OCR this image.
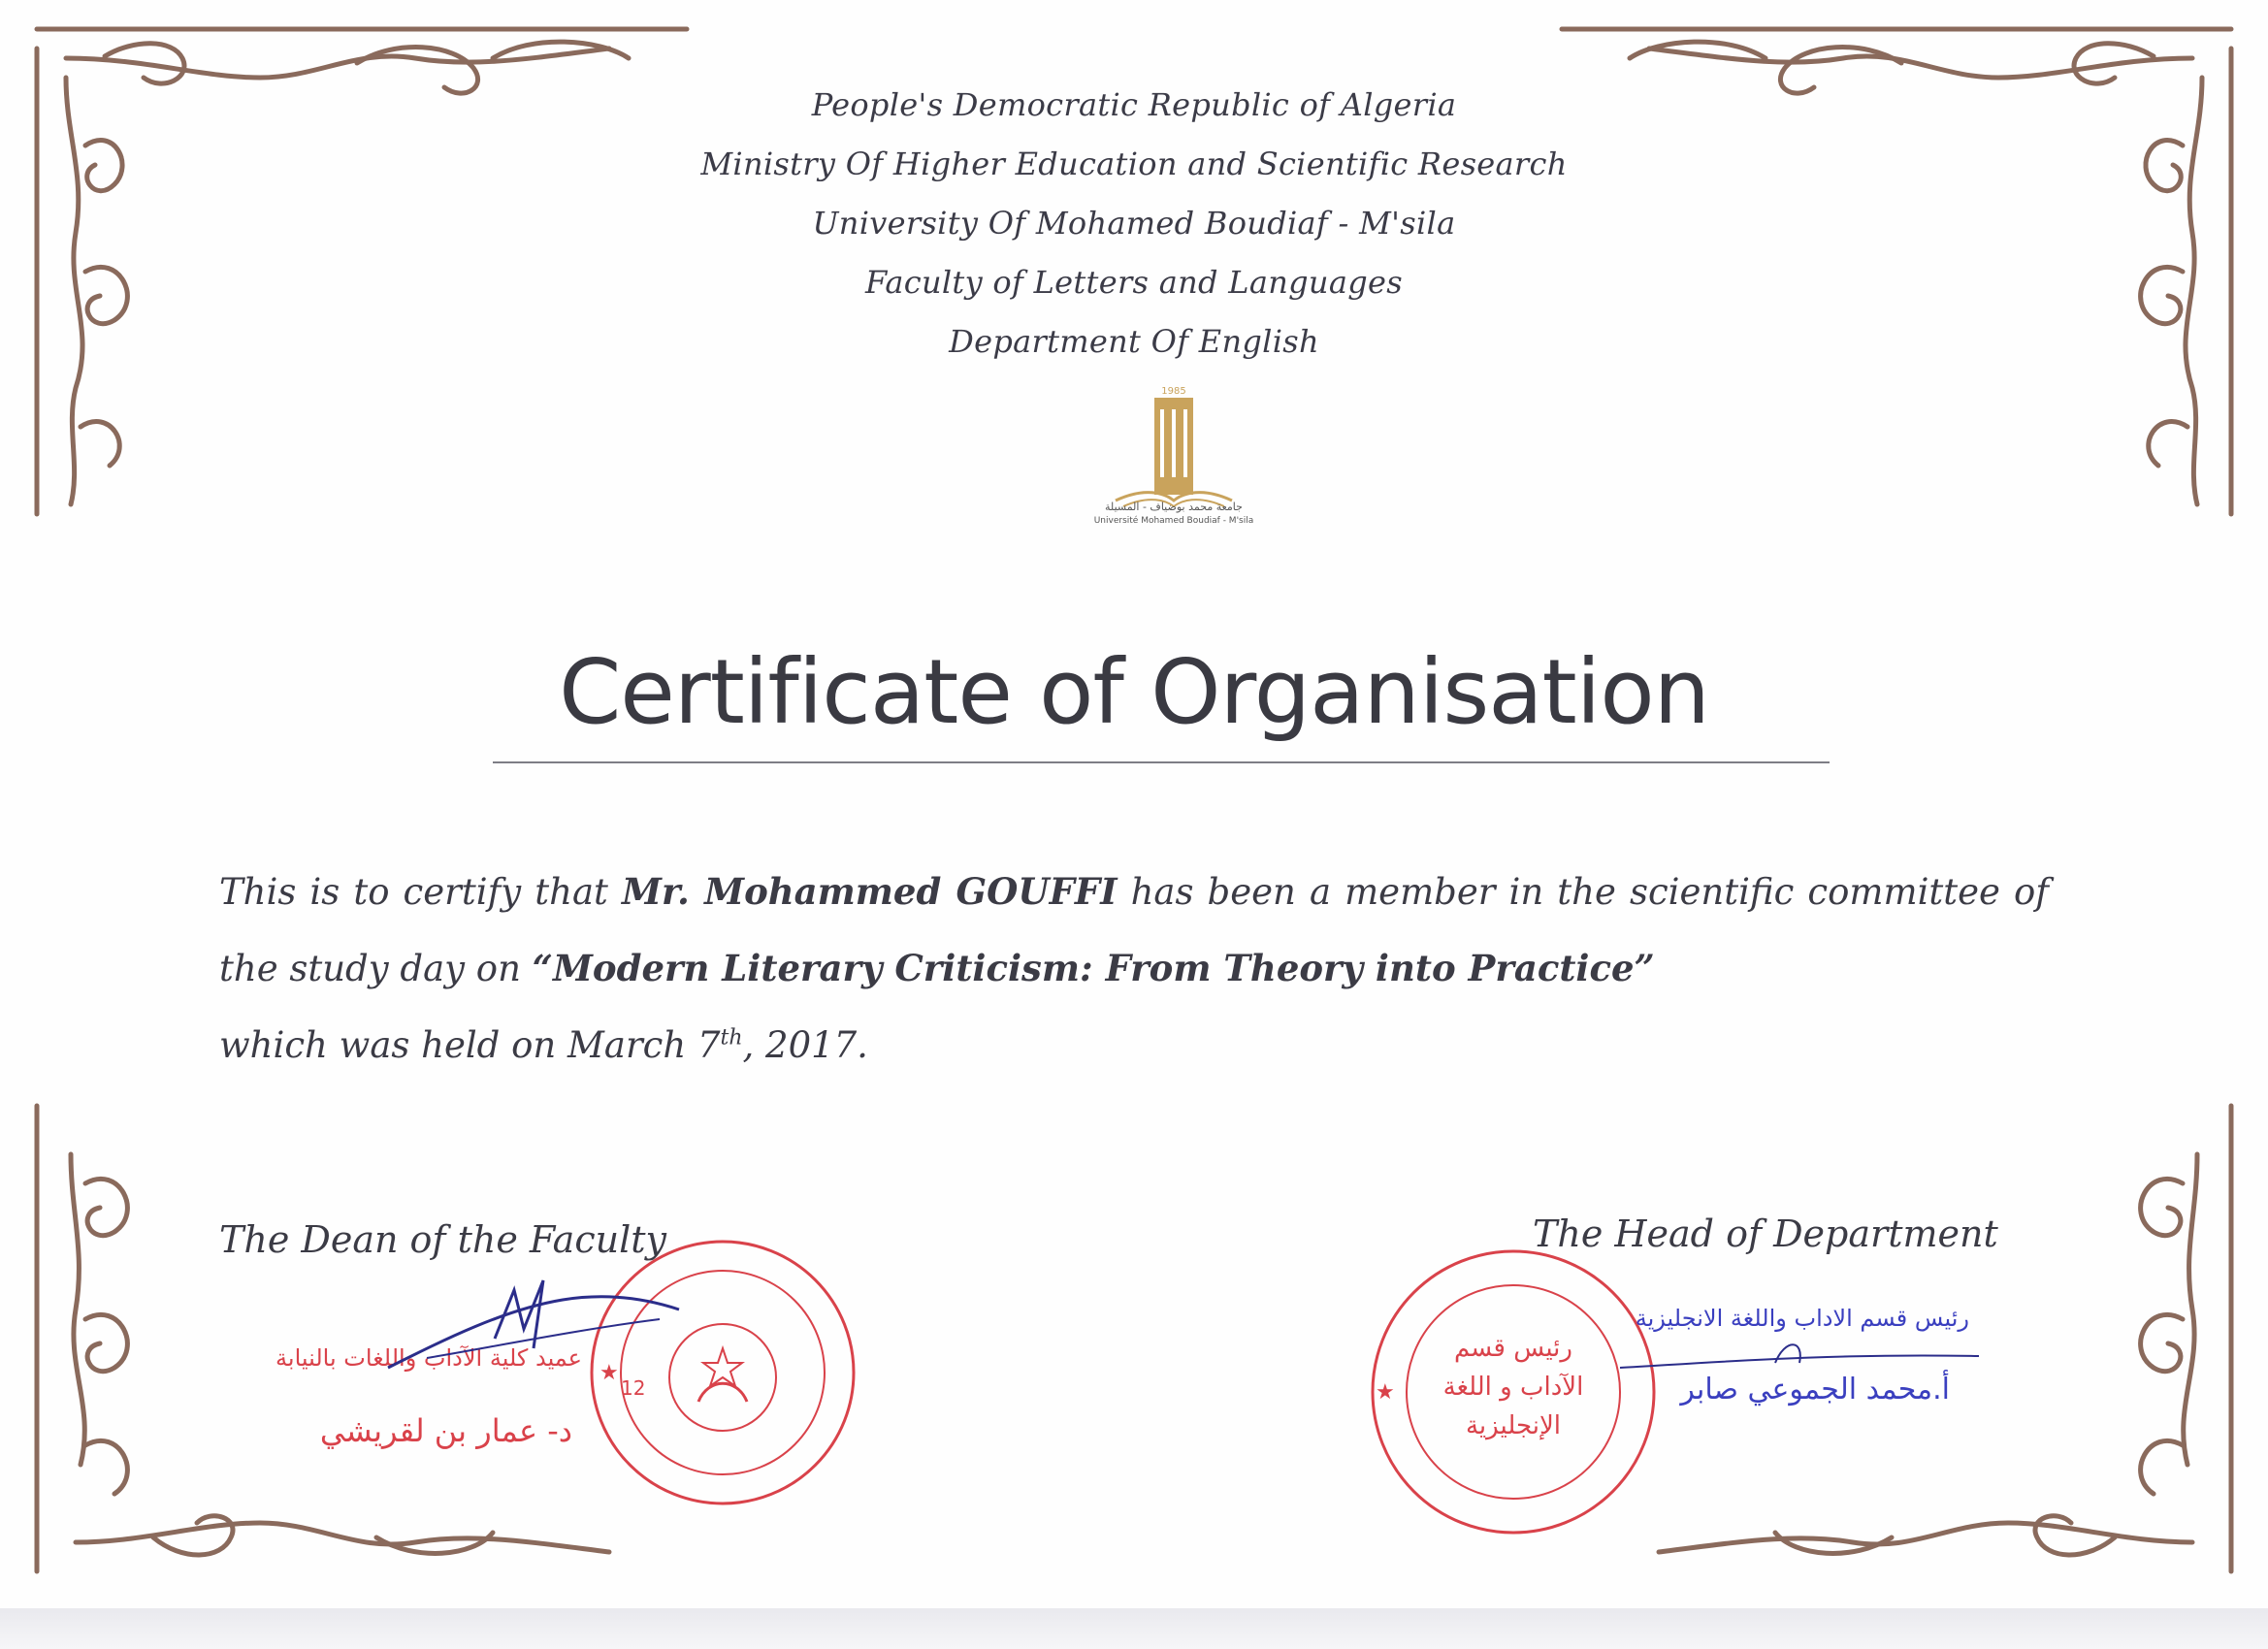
People's Democratic Republic of Algeria
Ministry Of Higher Education and Scientific Research
University Of Mohamed Boudiaf - M'sila
Faculty of Letters and Languages
Department Of English
1985
جامعة محمد بوضياف - المسيلة
Université Mohamed Boudiaf - M'sila
Certificate of Organisation
This is to certify that Mr. Mohammed GOUFFI has been a member in the scientific committee of the study day on “Modern Literary Criticism: From Theory into Practice”
which was held on March 7th, 2017.
The Dean of the Faculty	The Head of Department
عميد كلية الآداب واللغات بالنيابة
د- عمار بن لقريشي
★
12	★
رئيس قسم الآداب و اللغة الإنجليزية
رئيس قسم الاداب واللغة الانجليزية
أ.محمد الجموعي صابر
